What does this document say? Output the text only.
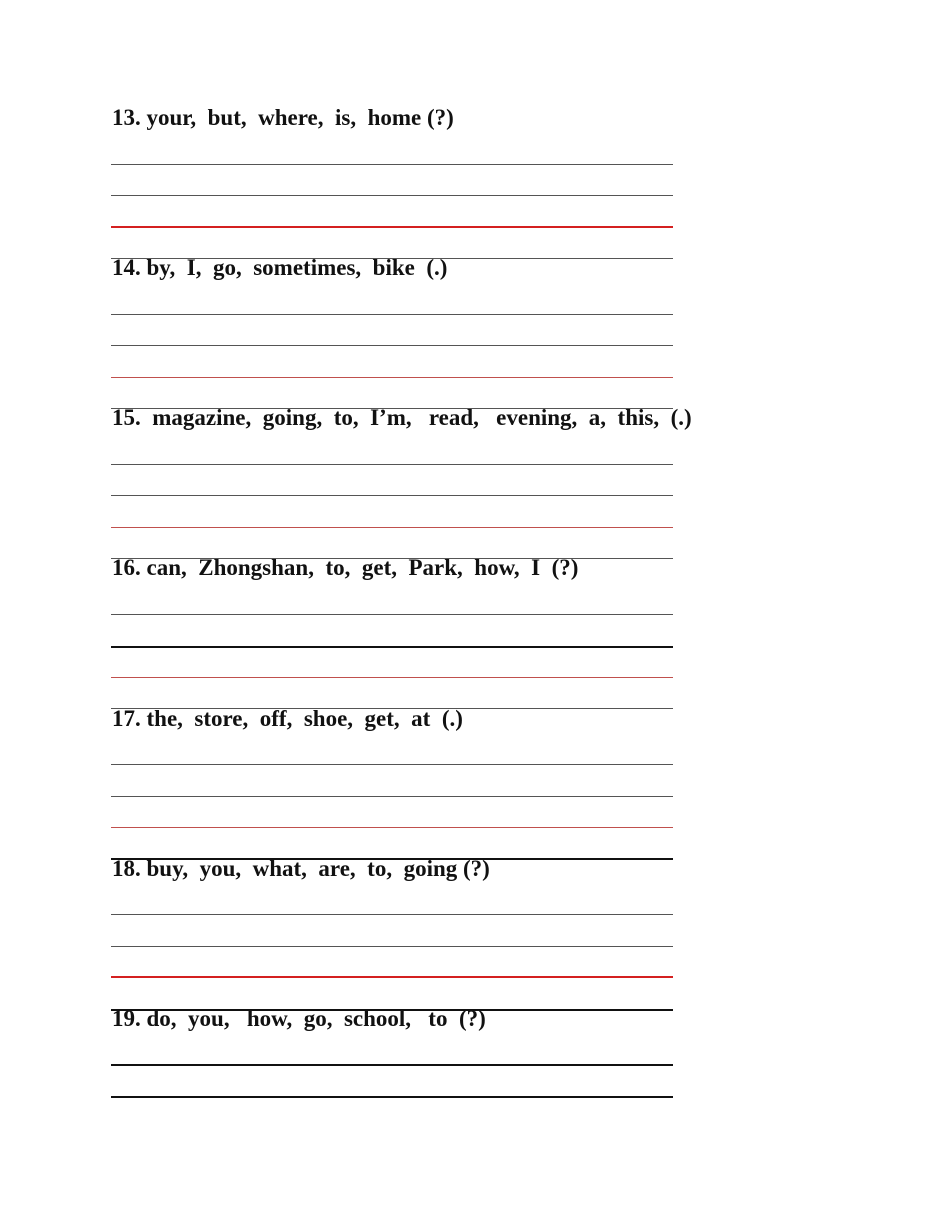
13. your,  but,  where,  is,  home (?)
14. by,  I,  go,  sometimes,  bike  (.)
15.  magazine,  going,  to,  I’m,   read,   evening,  a,  this,  (.)
16. can,  Zhongshan,  to,  get,  Park,  how,  I  (?)
17. the,  store,  off,  shoe,  get,  at  (.)
18. buy,  you,  what,  are,  to,  going (?)
19. do,  you,   how,  go,  school,   to  (?)
